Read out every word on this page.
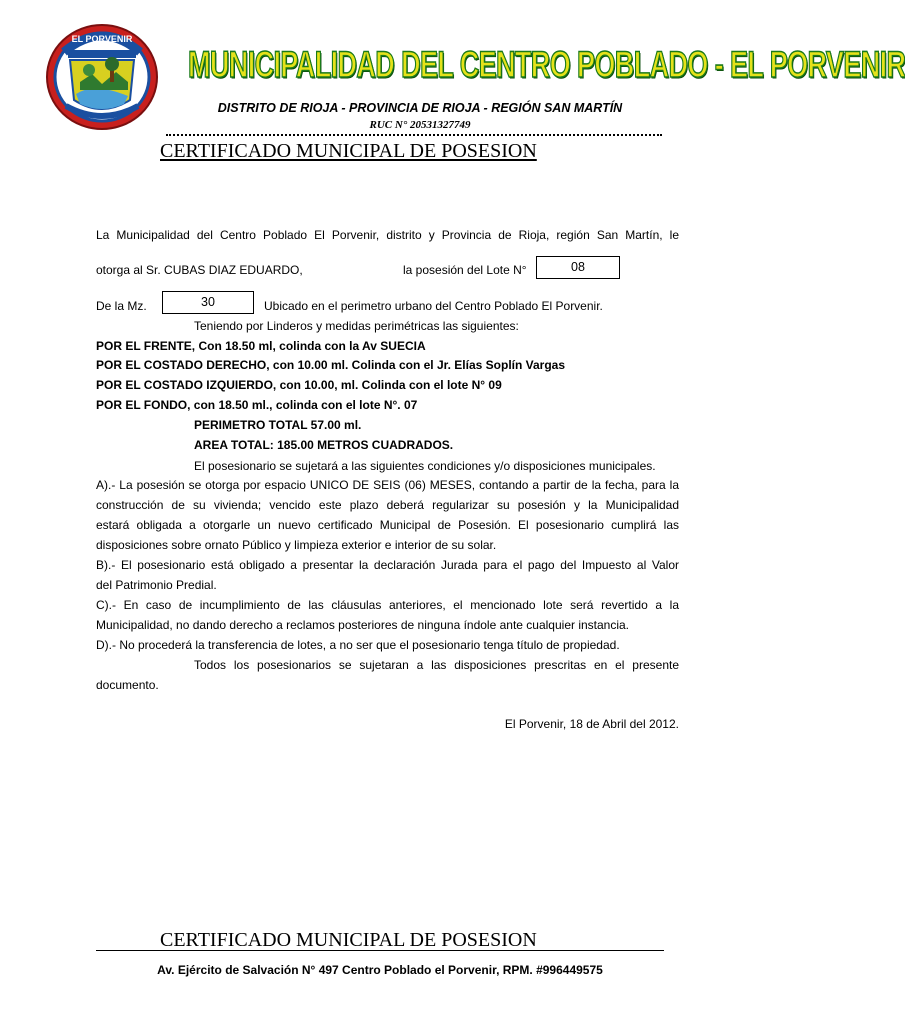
EL PORVENIR
MUNICIPALIDAD DEL CENTRO POBLADO - EL PORVENIR
DISTRITO DE RIOJA - PROVINCIA DE RIOJA - REGIÓN SAN MARTÍN
RUC N° 20531327749
CERTIFICADO MUNICIPAL DE POSESION
La Municipalidad del Centro Poblado El Porvenir, distrito y Provincia de Rioja, región San Martín, le
otorga al Sr. CUBAS DIAZ EDUARDO,	la posesión del Lote N°	08
De la Mz.	30	Ubicado en el perimetro urbano del Centro Poblado El Porvenir.
Teniendo por Linderos y medidas perimétricas las siguientes:
POR EL FRENTE, Con 18.50 ml, colinda con la Av SUECIA
POR EL COSTADO DERECHO, con 10.00 ml. Colinda con el Jr. Elías Soplín Vargas
POR EL COSTADO IZQUIERDO, con 10.00, ml. Colinda con el lote N° 09
POR EL FONDO, con 18.50 ml., colinda con el lote N°. 07
PERIMETRO TOTAL 57.00 ml.
AREA TOTAL: 185.00 METROS CUADRADOS.
El posesionario se sujetará a las siguientes condiciones y/o disposiciones municipales.
A).- La posesión se otorga por espacio UNICO DE SEIS (06) MESES, contando a partir de la fecha, para la
construcción de su vivienda; vencido este plazo deberá regularizar su posesión y la Municipalidad
estará obligada a otorgarle un nuevo certificado Municipal de Posesión. El posesionario cumplirá las
disposiciones sobre ornato Público y limpieza exterior e interior de su solar.
B).- El posesionario está obligado a presentar la declaración Jurada para el pago del Impuesto al Valor
del Patrimonio Predial.
C).- En caso de incumplimiento de las cláusulas anteriores, el mencionado lote será revertido a la
Municipalidad, no dando derecho a reclamos posteriores de ninguna índole ante cualquier instancia.
D).- No procederá la transferencia de lotes, a no ser que el posesionario tenga título de propiedad.
Todos los posesionarios se sujetaran a las disposiciones prescritas en el presente
documento.
El Porvenir, 18 de Abril del 2012.
CERTIFICADO MUNICIPAL DE POSESION
Av. Ejército de Salvación N° 497 Centro Poblado el Porvenir, RPM. #996449575
